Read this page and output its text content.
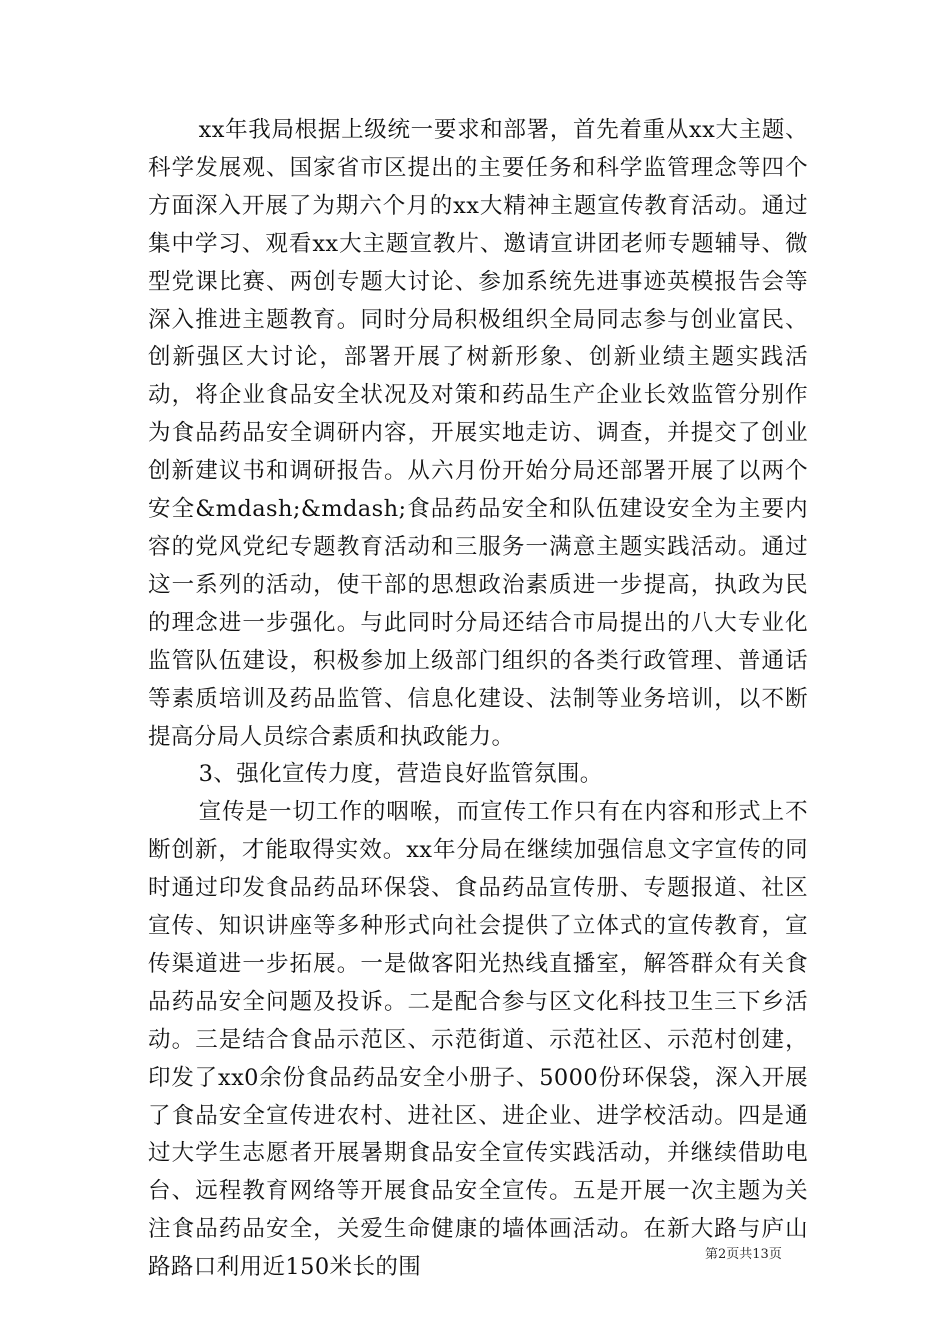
xx年我局根据上级统一要求和部署，首先着重从xx大主题、科学发展观、国家省市区提出的主要任务和科学监管理念等四个方面深入开展了为期六个月的xx大精神主题宣传教育活动。通过集中学习、观看xx大主题宣教片、邀请宣讲团老师专题辅导、微型党课比赛、两创专题大讨论、参加系统先进事迹英模报告会等深入推进主题教育。同时分局积极组织全局同志参与创业富民、创新强区大讨论，部署开展了树新形象、创新业绩主题实践活动，将企业食品安全状况及对策和药品生产企业长效监管分别作为食品药品安全调研内容，开展实地走访、调查，并提交了创业创新建议书和调研报告。从六月份开始分局还部署开展了以两个安全&mdash;&mdash;食品药品安全和队伍建设安全为主要内容的党风党纪专题教育活动和三服务一满意主题实践活动。通过这一系列的活动，使干部的思想政治素质进一步提高，执政为民的理念进一步强化。与此同时分局还结合市局提出的八大专业化监管队伍建设，积极参加上级部门组织的各类行政管理、普通话等素质培训及药品监管、信息化建设、法制等业务培训，以不断提高分局人员综合素质和执政能力。

3、强化宣传力度，营造良好监管氛围。

宣传是一切工作的咽喉，而宣传工作只有在内容和形式上不断创新，才能取得实效。xx年分局在继续加强信息文字宣传的同时通过印发食品药品环保袋、食品药品宣传册、专题报道、社区宣传、知识讲座等多种形式向社会提供了立体式的宣传教育，宣传渠道进一步拓展。一是做客阳光热线直播室，解答群众有关食品药品安全问题及投诉。二是配合参与区文化科技卫生三下乡活动。三是结合食品示范区、示范街道、示范社区、示范村创建，印发了xx0余份食品药品安全小册子、5000份环保袋，深入开展了食品安全宣传进农村、进社区、进企业、进学校活动。四是通过大学生志愿者开展暑期食品安全宣传实践活动，并继续借助电台、远程教育网络等开展食品安全宣传。五是开展一次主题为关注食品药品安全，关爱生命健康的墙体画活动。在新大路与庐山路路口利用近150米长的围	第2页共13页
